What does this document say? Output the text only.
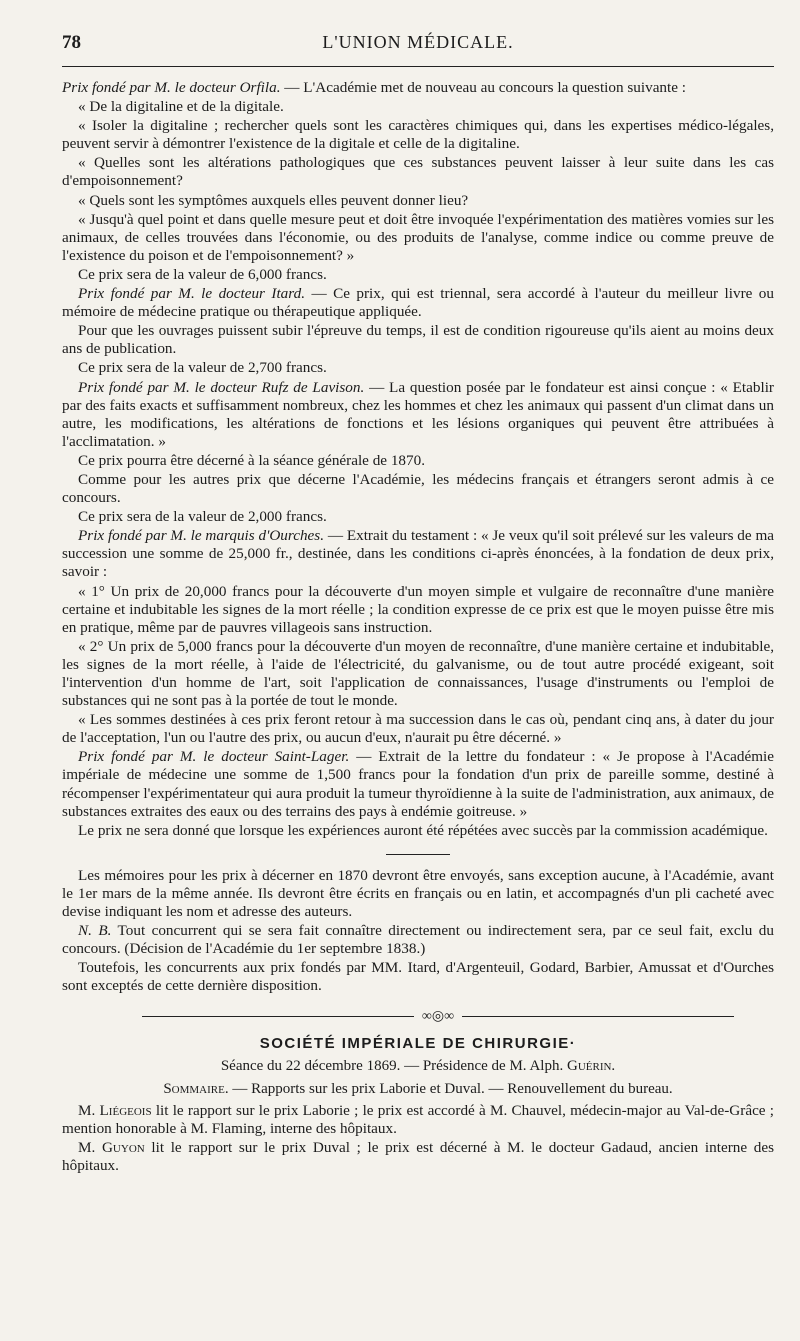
78	L'UNION MÉDICALE.

Prix fondé par M. le docteur Orfila. — L'Académie met de nouveau au concours la question suivante :

« De la digitaline et de la digitale.

« Isoler la digitaline ; rechercher quels sont les caractères chimiques qui, dans les expertises médico-légales, peuvent servir à démontrer l'existence de la digitale et celle de la digitaline.

« Quelles sont les altérations pathologiques que ces substances peuvent laisser à leur suite dans les cas d'empoisonnement?

« Quels sont les symptômes auxquels elles peuvent donner lieu?

« Jusqu'à quel point et dans quelle mesure peut et doit être invoquée l'expérimentation des matières vomies sur les animaux, de celles trouvées dans l'économie, ou des produits de l'analyse, comme indice ou comme preuve de l'existence du poison et de l'empoisonnement? »

Ce prix sera de la valeur de 6,000 francs.

Prix fondé par M. le docteur Itard. — Ce prix, qui est triennal, sera accordé à l'auteur du meilleur livre ou mémoire de médecine pratique ou thérapeutique appliquée.

Pour que les ouvrages puissent subir l'épreuve du temps, il est de condition rigoureuse qu'ils aient au moins deux ans de publication.

Ce prix sera de la valeur de 2,700 francs.

Prix fondé par M. le docteur Rufz de Lavison. — La question posée par le fondateur est ainsi conçue : « Etablir par des faits exacts et suffisamment nombreux, chez les hommes et chez les animaux qui passent d'un climat dans un autre, les modifications, les altérations de fonctions et les lésions organiques qui peuvent être attribuées à l'acclimatation. »

Ce prix pourra être décerné à la séance générale de 1870.

Comme pour les autres prix que décerne l'Académie, les médecins français et étrangers seront admis à ce concours.

Ce prix sera de la valeur de 2,000 francs.

Prix fondé par M. le marquis d'Ourches. — Extrait du testament : « Je veux qu'il soit prélevé sur les valeurs de ma succession une somme de 25,000 fr., destinée, dans les conditions ci-après énoncées, à la fondation de deux prix, savoir :

« 1° Un prix de 20,000 francs pour la découverte d'un moyen simple et vulgaire de reconnaître d'une manière certaine et indubitable les signes de la mort réelle ; la condition expresse de ce prix est que le moyen puisse être mis en pratique, même par de pauvres villageois sans instruction.

« 2° Un prix de 5,000 francs pour la découverte d'un moyen de reconnaître, d'une manière certaine et indubitable, les signes de la mort réelle, à l'aide de l'électricité, du galvanisme, ou de tout autre procédé exigeant, soit l'intervention d'un homme de l'art, soit l'application de connaissances, l'usage d'instruments ou l'emploi de substances qui ne sont pas à la portée de tout le monde.

« Les sommes destinées à ces prix feront retour à ma succession dans le cas où, pendant cinq ans, à dater du jour de l'acceptation, l'un ou l'autre des prix, ou aucun d'eux, n'aurait pu être décerné. »

Prix fondé par M. le docteur Saint-Lager. — Extrait de la lettre du fondateur : « Je propose à l'Académie impériale de médecine une somme de 1,500 francs pour la fondation d'un prix de pareille somme, destiné à récompenser l'expérimentateur qui aura produit la tumeur thyroïdienne à la suite de l'administration, aux animaux, de substances extraites des eaux ou des terrains des pays à endémie goitreuse. »

Le prix ne sera donné que lorsque les expériences auront été répétées avec succès par la commission académique.

Les mémoires pour les prix à décerner en 1870 devront être envoyés, sans exception aucune, à l'Académie, avant le 1er mars de la même année. Ils devront être écrits en français ou en latin, et accompagnés d'un pli cacheté avec devise indiquant les nom et adresse des auteurs.

N. B. Tout concurrent qui se sera fait connaître directement ou indirectement sera, par ce seul fait, exclu du concours. (Décision de l'Académie du 1er septembre 1838.)

Toutefois, les concurrents aux prix fondés par MM. Itard, d'Argenteuil, Godard, Barbier, Amussat et d'Ourches sont exceptés de cette dernière disposition.

∞◎∞
SOCIÉTÉ IMPÉRIALE DE CHIRURGIE·
Séance du 22 décembre 1869. — Présidence de M. Alph. Guérin.
Sommaire. — Rapports sur les prix Laborie et Duval. — Renouvellement du bureau.

M. Liégeois lit le rapport sur le prix Laborie ; le prix est accordé à M. Chauvel, médecin-major au Val-de-Grâce ; mention honorable à M. Flaming, interne des hôpitaux.

M. Guyon lit le rapport sur le prix Duval ; le prix est décerné à M. le docteur Gadaud, ancien interne des hôpitaux.
